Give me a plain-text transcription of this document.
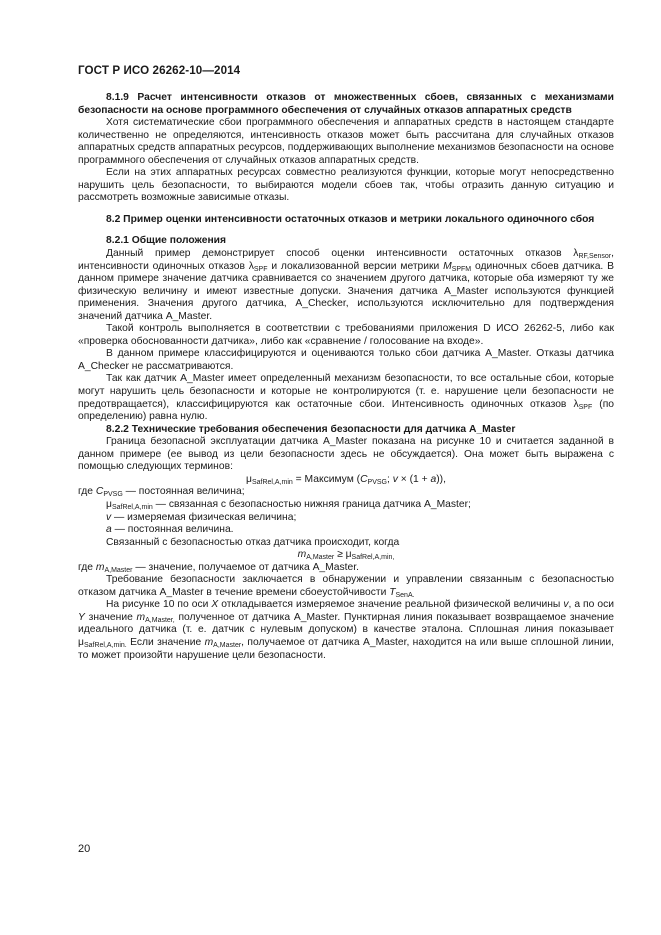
ГОСТ Р ИСО 26262-10—2014

8.1.9 Расчет интенсивности отказов от множественных сбоев, связанных с механизмами безопасности на основе программного обеспечения от случайных отказов аппаратных средств

Хотя систематические сбои программного обеспечения и аппаратных средств в настоящем стандарте количественно не определяются, интенсивность отказов может быть рассчитана для случайных отказов аппаратных средств аппаратных ресурсов, поддерживающих выполнение механизмов безопасности на основе программного обеспечения от случайных отказов аппаратных средств.

Если на этих аппаратных ресурсах совместно реализуются функции, которые могут непосредственно нарушить цель безопасности, то выбираются модели сбоев так, чтобы отразить данную ситуацию и рассмотреть возможные зависимые отказы.

8.2 Пример оценки интенсивности остаточных отказов и метрики локального одиночного сбоя

8.2.1 Общие положения

Данный пример демонстрирует способ оценки интенсивности остаточных отказов $\lambda_{RF,Sensor}$, интенсивности одиночных отказов $\lambda_{SPF}$ и локализованной версии метрики $M_{SPFM}$ одиночных сбоев датчика. В данном примере значение датчика сравнивается со значением другого датчика, которые оба измеряют ту же физическую величину и имеют известные допуски. Значения датчика A_Master используются функцией применения. Значения другого датчика, A_Checker, используются исключительно для подтверждения значений датчика A_Master.

Такой контроль выполняется в соответствии с требованиями приложения D ИСО 26262-5, либо как «проверка обоснованности датчика», либо как «сравнение / голосование на входе».

В данном примере классифицируются и оцениваются только сбои датчика A_Master. Отказы датчика A_Checker не рассматриваются.

Так как датчик A_Master имеет определенный механизм безопасности, то все остальные сбои, которые могут нарушить цель безопасности и которые не контролируются (т. е. нарушение цели безопасности не предотвращается), классифицируются как остаточные сбои. Интенсивность одиночных отказов $\lambda_{SPF}$ (по определению) равна нулю.

8.2.2 Технические требования обеспечения безопасности для датчика A_Master

Граница безопасной эксплуатации датчика A_Master показана на рисунке 10 и считается заданной в данном примере (ее вывод из цели безопасности здесь не обсуждается). Она может быть выражена с помощью следующих терминов:

$\mu_{SafRel,A,min}$ = Максимум ($C_{PVSG}$; v × (1 + a)),

где $C_{PVSG}$ — постоянная величина;

$\mu_{SafRel,A,min}$ — связанная с безопасностью нижняя граница датчика A_Master;

v — измеряемая физическая величина;

a — постоянная величина.

Связанный с безопасностью отказ датчика происходит, когда

$m_{A,Master} \ge \mu_{SafRel,A,min,}$

где $m_{A,Master}$ — значение, получаемое от датчика A_Master.

Требование безопасности заключается в обнаружении и управлении связанным с безопасностью отказом датчика A_Master в течение времени сбоеустойчивости $T_{SenA.}$

На рисунке 10 по оси X откладывается измеряемое значение реальной физической величины v, а по оси Y значение $m_{A,Master,}$ полученное от датчика A_Master. Пунктирная линия показывает возвращаемое значение идеального датчика (т. е. датчик с нулевым допуском) в качестве эталона. Сплошная линия показывает $\mu_{SafRel,A,min.}$ Если значение $m_{A,Master}$, получаемое от датчика A_Master, находится на или выше сплошной линии, то может произойти нарушение цели безопасности.

20
